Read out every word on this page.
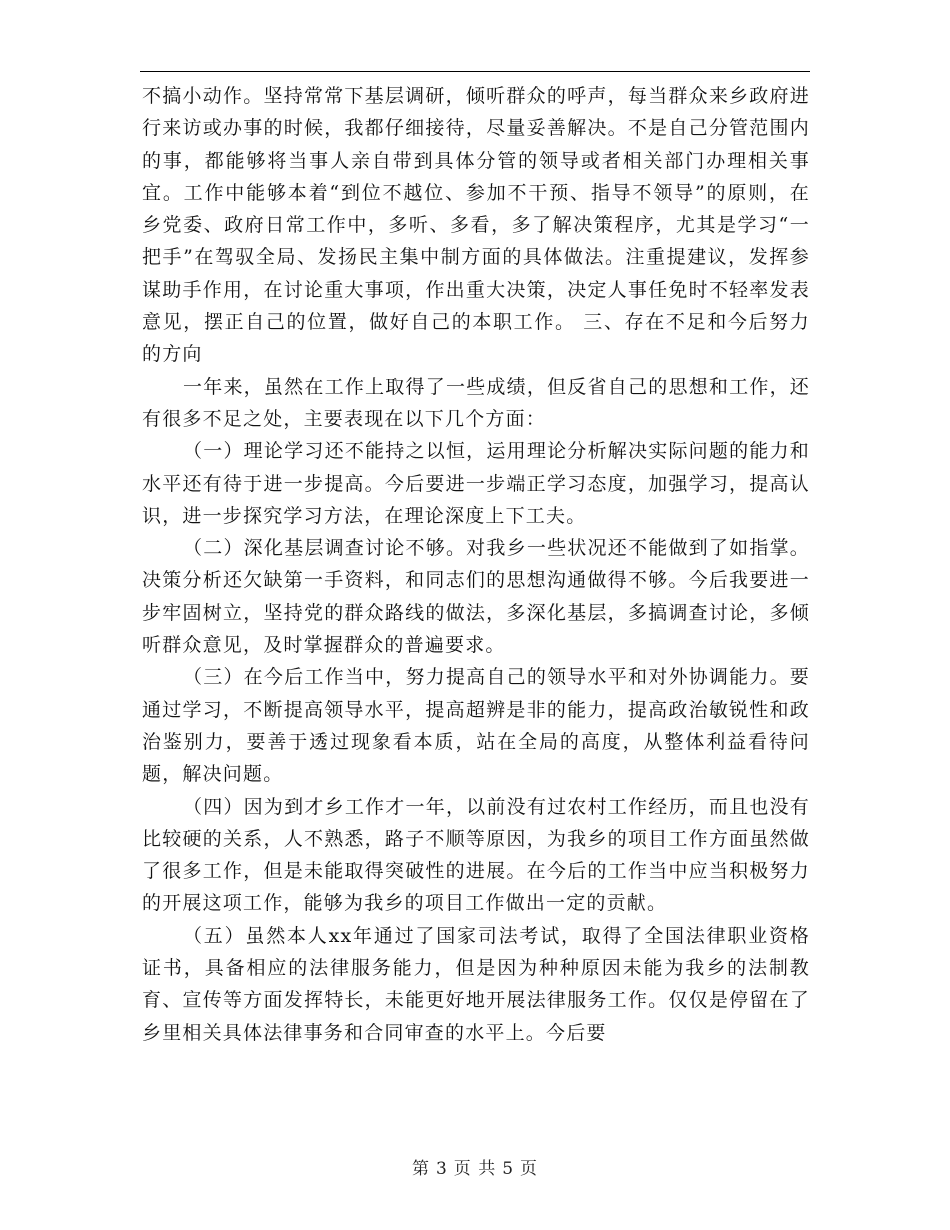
不搞小动作。坚持常常下基层调研，倾听群众的呼声，每当群众来乡政府进行来访或办事的时候，我都仔细接待，尽量妥善解决。不是自己分管范围内的事，都能够将当事人亲自带到具体分管的领导或者相关部门办理相关事宜。工作中能够本着“到位不越位、参加不干预、指导不领导”的原则，在乡党委、政府日常工作中，多听、多看，多了解决策程序，尤其是学习“一把手”在驾驭全局、发扬民主集中制方面的具体做法。注重提建议，发挥参谋助手作用，在讨论重大事项，作出重大决策，决定人事任免时不轻率发表意见，摆正自己的位置，做好自己的本职工作。 三、存在不足和今后努力的方向

一年来，虽然在工作上取得了一些成绩，但反省自己的思想和工作，还有很多不足之处，主要表现在以下几个方面：

（一）理论学习还不能持之以恒，运用理论分析解决实际问题的能力和水平还有待于进一步提高。今后要进一步端正学习态度，加强学习，提高认识，进一步探究学习方法，在理论深度上下工夫。

（二）深化基层调查讨论不够。对我乡一些状况还不能做到了如指掌。决策分析还欠缺第一手资料，和同志们的思想沟通做得不够。今后我要进一步牢固树立，坚持党的群众路线的做法，多深化基层，多搞调查讨论，多倾听群众意见，及时掌握群众的普遍要求。

（三）在今后工作当中，努力提高自己的领导水平和对外协调能力。要通过学习，不断提高领导水平，提高超辨是非的能力，提高政治敏锐性和政治鉴别力，要善于透过现象看本质，站在全局的高度，从整体利益看待问题，解决问题。

（四）因为到才乡工作才一年，以前没有过农村工作经历，而且也没有比较硬的关系，人不熟悉，路子不顺等原因，为我乡的项目工作方面虽然做了很多工作，但是未能取得突破性的进展。在今后的工作当中应当积极努力的开展这项工作，能够为我乡的项目工作做出一定的贡献。

（五）虽然本人xx年通过了国家司法考试，取得了全国法律职业资格证书，具备相应的法律服务能力，但是因为种种原因未能为我乡的法制教育、宣传等方面发挥特长，未能更好地开展法律服务工作。仅仅是停留在了乡里相关具体法律事务和合同审查的水平上。今后要

第 3 页 共 5 页
